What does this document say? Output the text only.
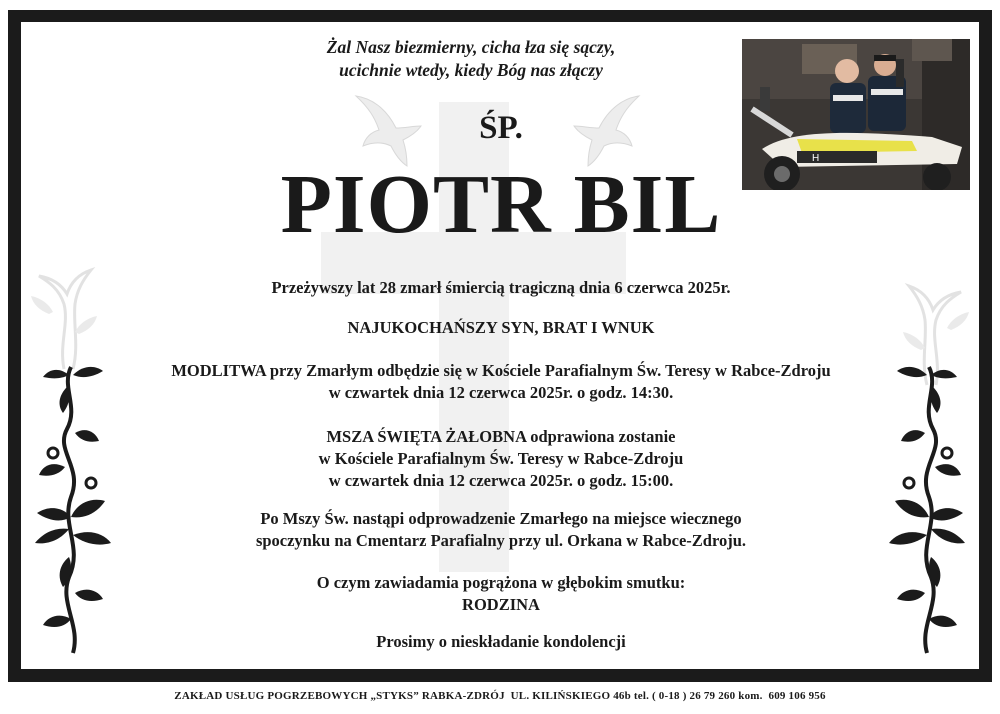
Żal Nasz biezmierny, cicha łza się sączy,
ucichnie wtedy, kiedy Bóg nas złączy
ŚP.
PIOTR BIL	H
Przeżywszy lat 28 zmarł śmiercią tragiczną dnia 6 czerwca 2025r.
NAJUKOCHAŃSZY SYN, BRAT I WNUK
MODLITWA przy Zmarłym odbędzie się w Kościele Parafialnym Św. Teresy w Rabce-Zdroju
w czwartek dnia 12 czerwca 2025r. o godz. 14:30.
MSZA ŚWIĘTA ŻAŁOBNA odprawiona zostanie
w Kościele Parafialnym Św. Teresy w Rabce-Zdroju
w czwartek dnia 12 czerwca 2025r. o godz. 15:00.
Po Mszy Św. nastąpi odprowadzenie Zmarłego na miejsce wiecznego
spoczynku na Cmentarz Parafialny przy ul. Orkana w Rabce-Zdroju.
O czym zawiadamia pogrążona w głębokim smutku:
RODZINA
Prosimy o nieskładanie kondolencji
ZAKŁAD USŁUG POGRZEBOWYCH „STYKS” RABKA-ZDRÓJ  UL. KILIŃSKIEGO 46b tel. ( 0-18 ) 26 79 260 kom.  609 106 956
